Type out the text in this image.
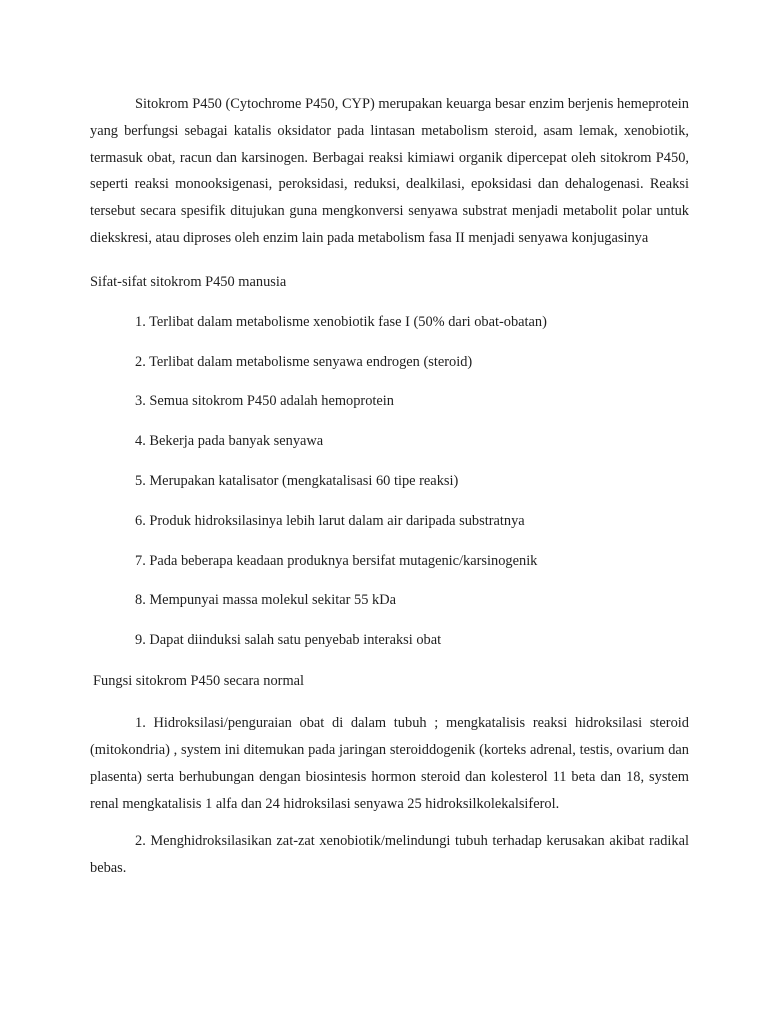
Sitokrom P450 (Cytochrome P450, CYP) merupakan keuarga besar enzim berjenis hemeprotein yang berfungsi sebagai katalis oksidator pada lintasan metabolism steroid, asam lemak, xenobiotik, termasuk obat, racun dan karsinogen. Berbagai reaksi kimiawi organik dipercepat oleh sitokrom P450, seperti reaksi monooksigenasi, peroksidasi, reduksi, dealkilasi, epoksidasi dan dehalogenasi. Reaksi tersebut secara spesifik ditujukan guna mengkonversi senyawa substrat menjadi metabolit polar untuk diekskresi, atau diproses oleh enzim lain pada metabolism fasa II menjadi senyawa konjugasinya

Sifat-sifat sitokrom P450 manusia

1. Terlibat dalam metabolisme xenobiotik fase I (50% dari obat-obatan)
2. Terlibat dalam metabolisme senyawa endrogen (steroid)
3. Semua sitokrom P450 adalah hemoprotein
4. Bekerja pada banyak senyawa
5. Merupakan katalisator (mengkatalisasi 60 tipe reaksi)
6. Produk hidroksilasinya lebih larut dalam air daripada substratnya
7. Pada beberapa keadaan produknya bersifat mutagenic/karsinogenik
8. Mempunyai massa molekul sekitar 55 kDa
9. Dapat diinduksi salah satu penyebab interaksi obat

Fungsi sitokrom P450 secara normal

1. Hidroksilasi/penguraian obat di dalam tubuh ; mengkatalisis reaksi hidroksilasi steroid (mitokondria) , system ini ditemukan pada jaringan steroiddogenik (korteks adrenal, testis, ovarium dan plasenta) serta berhubungan dengan biosintesis hormon steroid dan kolesterol 11 beta dan 18, system renal mengkatalisis 1 alfa dan 24 hidroksilasi senyawa 25 hidroksilkolekalsiferol.
2. Menghidroksilasikan zat-zat xenobiotik/melindungi tubuh terhadap kerusakan akibat radikal bebas.
